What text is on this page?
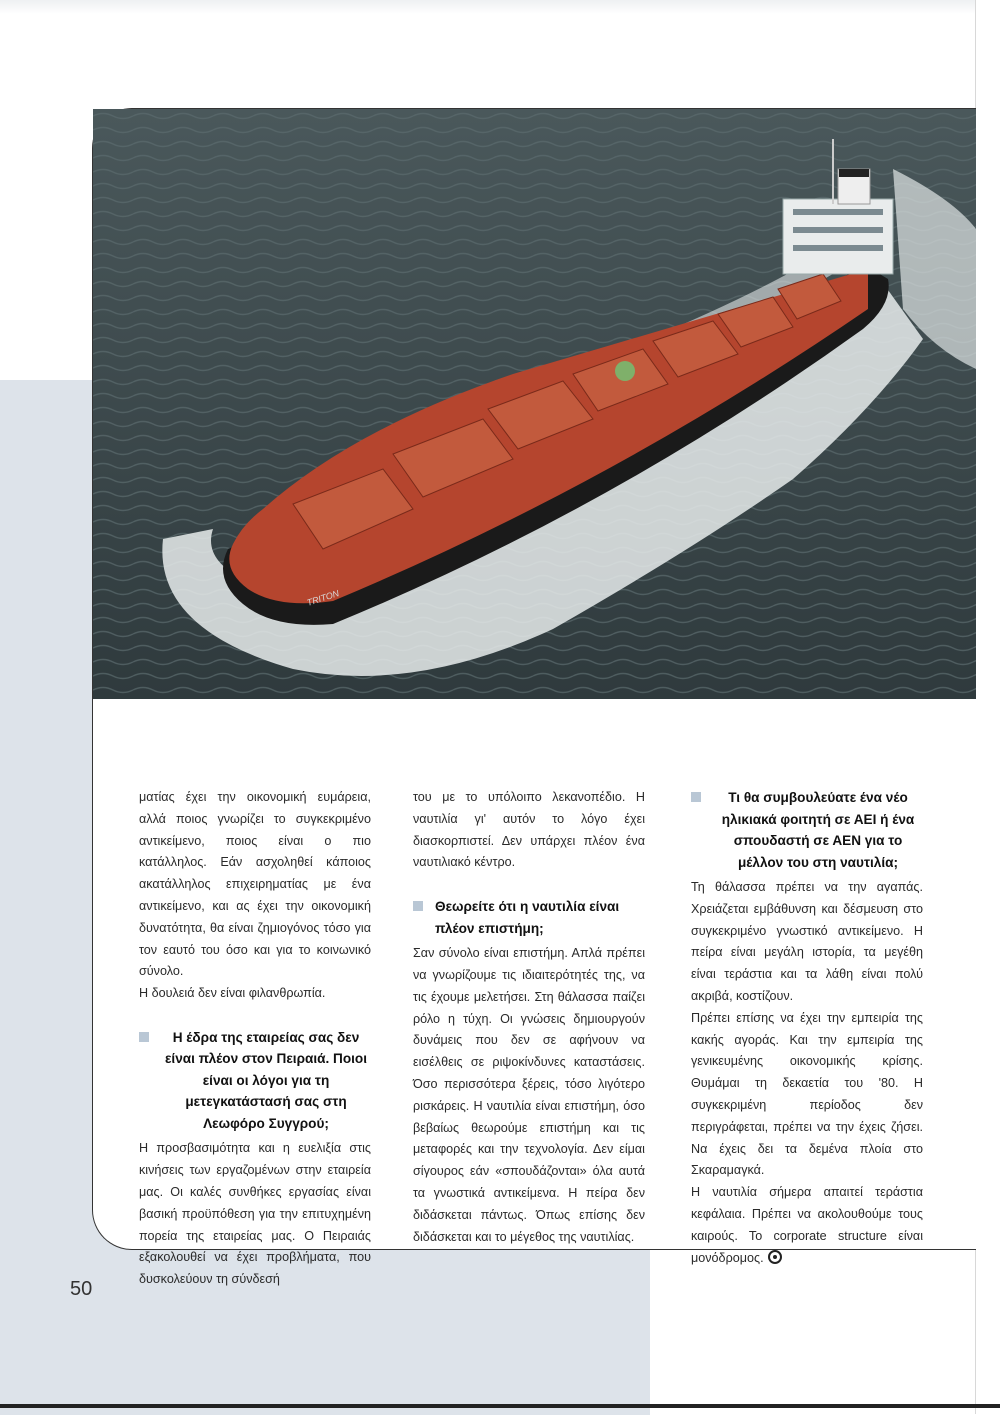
TRITON

ματίας έχει την οικονομική ευμάρεια, αλλά ποιος γνωρίζει το συγκεκριμένο αντικείμενο, ποιος είναι ο πιο κατάλληλος. Εάν ασχοληθεί κάποιος ακατάλληλος επιχειρηματίας με ένα αντικείμενο, και ας έχει την οικονομική δυνατότητα, θα είναι ζημιογόνος τόσο για τον εαυτό του όσο και για το κοινωνικό σύνολο.

Η δουλειά δεν είναι φιλανθρωπία.

Η έδρα της εταιρείας σας δεν είναι πλέον στον Πειραιά. Ποιοι είναι οι λόγοι για τη μετεγκατάστασή σας στη Λεωφόρο Συγγρού;

Η προσβασιμότητα και η ευελιξία στις κινήσεις των εργαζομένων στην εταιρεία μας. Οι καλές συνθήκες εργασίας είναι βασική προϋπόθεση για την επιτυχημένη πορεία της εταιρείας μας. Ο Πειραιάς εξακολουθεί να έχει προβλήματα, που δυσκολεύουν τη σύνδεσή

του με το υπόλοιπο λεκανοπέδιο. Η ναυτιλία γι' αυτόν το λόγο έχει διασκορπιστεί. Δεν υπάρχει πλέον ένα ναυτιλιακό κέντρο.

Θεωρείτε ότι η ναυτιλία είναι πλέον επιστήμη;

Σαν σύνολο είναι επιστήμη. Απλά πρέπει να γνωρίζουμε τις ιδιαιτερότητές της, να τις έχουμε μελετήσει. Στη θάλασσα παίζει ρόλο η τύχη. Οι γνώσεις δημιουργούν δυνάμεις που δεν σε αφήνουν να εισέλθεις σε ριψοκίνδυνες καταστάσεις. Όσο περισσότερα ξέρεις, τόσο λιγότερο ρισκάρεις. Η ναυτιλία είναι επιστήμη, όσο βεβαίως θεωρούμε επιστήμη και τις μεταφορές και την τεχνολογία. Δεν είμαι σίγουρος εάν «σπουδάζονται» όλα αυτά τα γνωστικά αντικείμενα. Η πείρα δεν διδάσκεται πάντως. Όπως επίσης δεν διδάσκεται και το μέγεθος της ναυτιλίας.

Τι θα συμβουλεύατε ένα νέο ηλικιακά φοιτητή σε ΑΕΙ ή ένα σπουδαστή σε ΑΕΝ για το μέλλον του στη ναυτιλία;

Τη θάλασσα πρέπει να την αγαπάς. Χρειάζεται εμβάθυνση και δέσμευση στο συγκεκριμένο γνωστικό αντικείμενο. Η πείρα είναι μεγάλη ιστορία, τα μεγέθη είναι τεράστια και τα λάθη είναι πολύ ακριβά, κοστίζουν.

Πρέπει επίσης να έχει την εμπειρία της κακής αγοράς. Και την εμπειρία της γενικευμένης οικονομικής κρίσης. Θυμάμαι τη δεκαετία του '80. Η συγκεκριμένη περίοδος δεν περιγράφεται, πρέπει να την έχεις ζήσει. Να έχεις δει τα δεμένα πλοία στο Σκαραμαγκά.

Η ναυτιλία σήμερα απαιτεί τεράστια κεφάλαια. Πρέπει να ακολουθούμε τους καιρούς. Το corporate structure είναι μονόδρομος.

50
